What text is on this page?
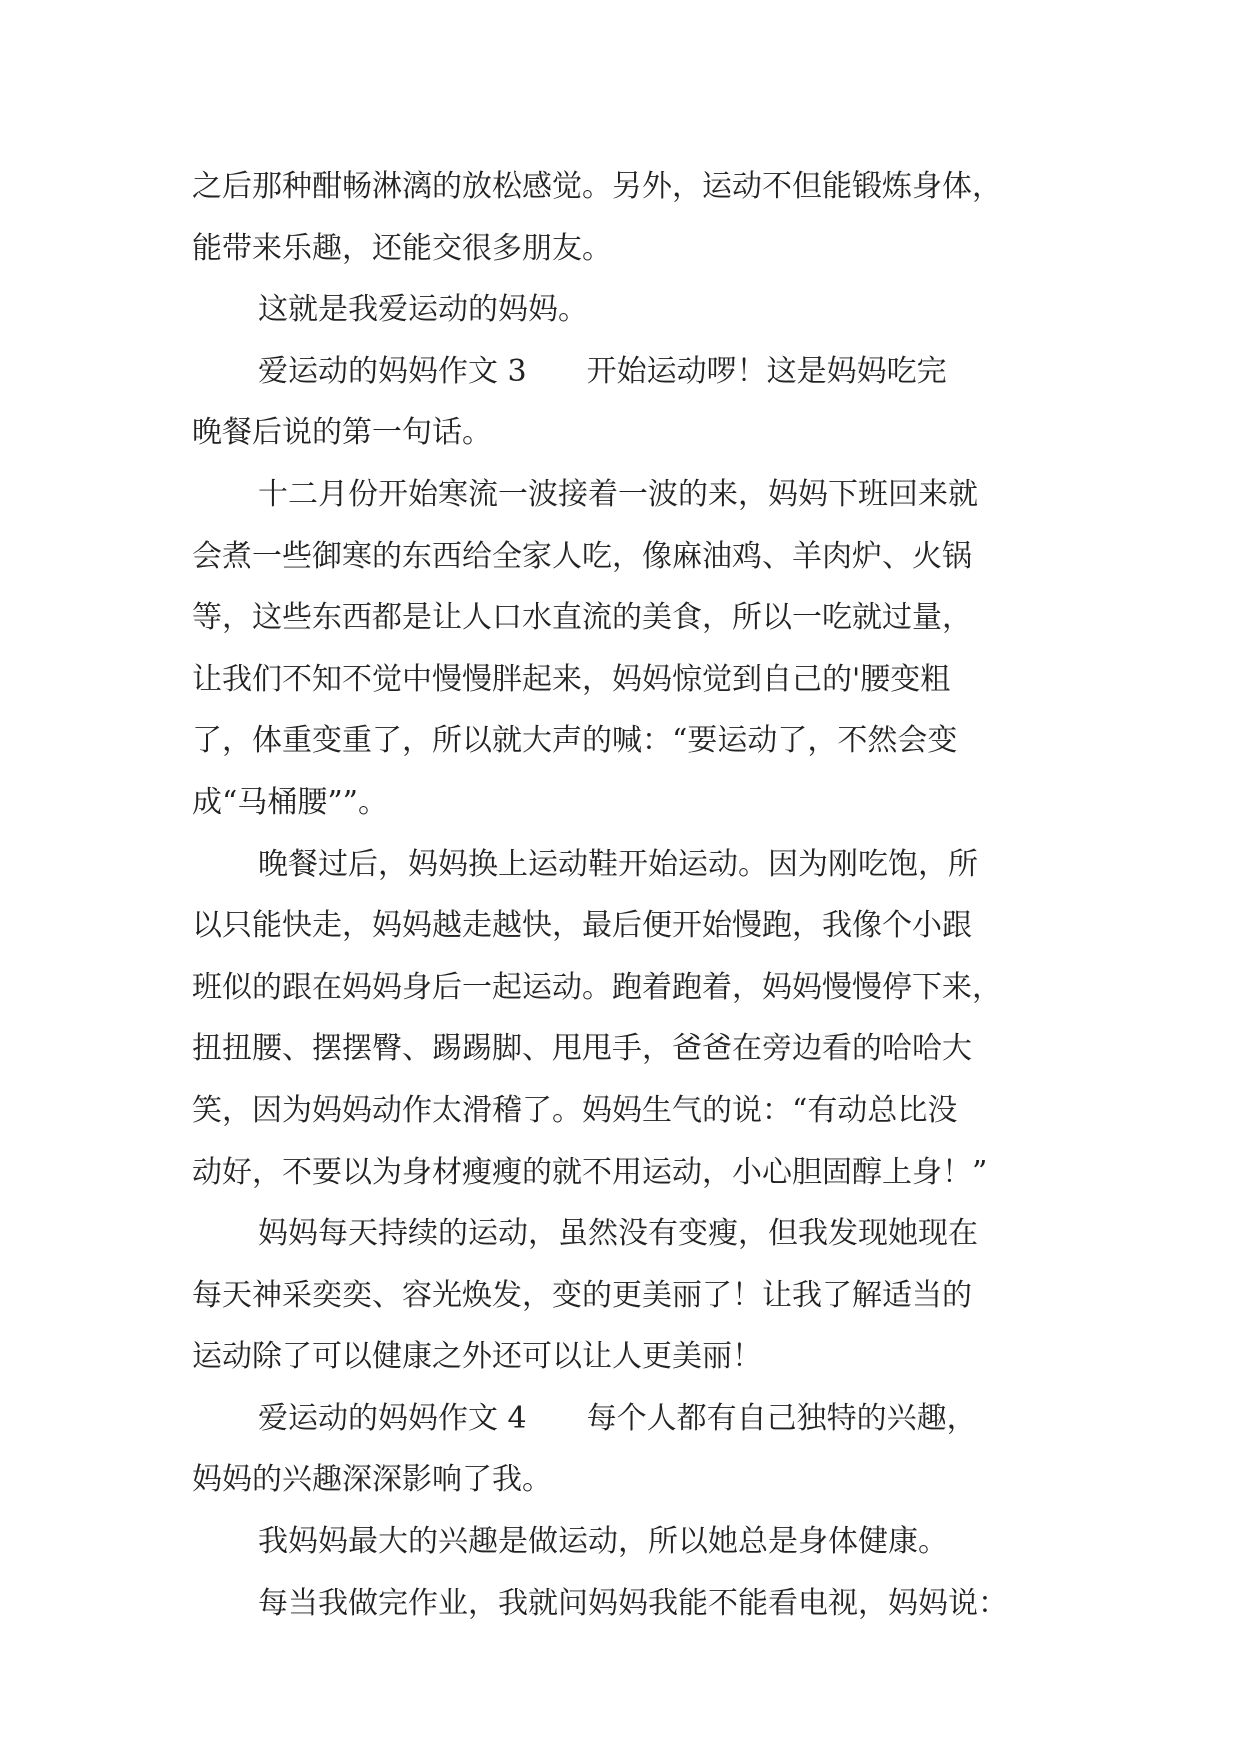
之后那种酣畅淋漓的放松感觉。另外，运动不但能锻炼身体，
能带来乐趣，还能交很多朋友。
这就是我爱运动的妈妈。
爱运动的妈妈作文 3　　开始运动啰！这是妈妈吃完
晚餐后说的第一句话。
十二月份开始寒流一波接着一波的来，妈妈下班回来就
会煮一些御寒的东西给全家人吃，像麻油鸡、羊肉炉、火锅
等，这些东西都是让人口水直流的美食，所以一吃就过量，
让我们不知不觉中慢慢胖起来，妈妈惊觉到自己的'腰变粗
了，体重变重了，所以就大声的喊：“要运动了，不然会变
成“马桶腰””。
晚餐过后，妈妈换上运动鞋开始运动。因为刚吃饱，所
以只能快走，妈妈越走越快，最后便开始慢跑，我像个小跟
班似的跟在妈妈身后一起运动。跑着跑着，妈妈慢慢停下来，
扭扭腰、摆摆臀、踢踢脚、甩甩手，爸爸在旁边看的哈哈大
笑，因为妈妈动作太滑稽了。妈妈生气的说：“有动总比没
动好，不要以为身材瘦瘦的就不用运动，小心胆固醇上身！”
妈妈每天持续的运动，虽然没有变瘦，但我发现她现在
每天神采奕奕、容光焕发，变的更美丽了！让我了解适当的
运动除了可以健康之外还可以让人更美丽！
爱运动的妈妈作文 4　　每个人都有自己独特的兴趣，
妈妈的兴趣深深影响了我。
我妈妈最大的兴趣是做运动，所以她总是身体健康。
每当我做完作业，我就问妈妈我能不能看电视，妈妈说：
